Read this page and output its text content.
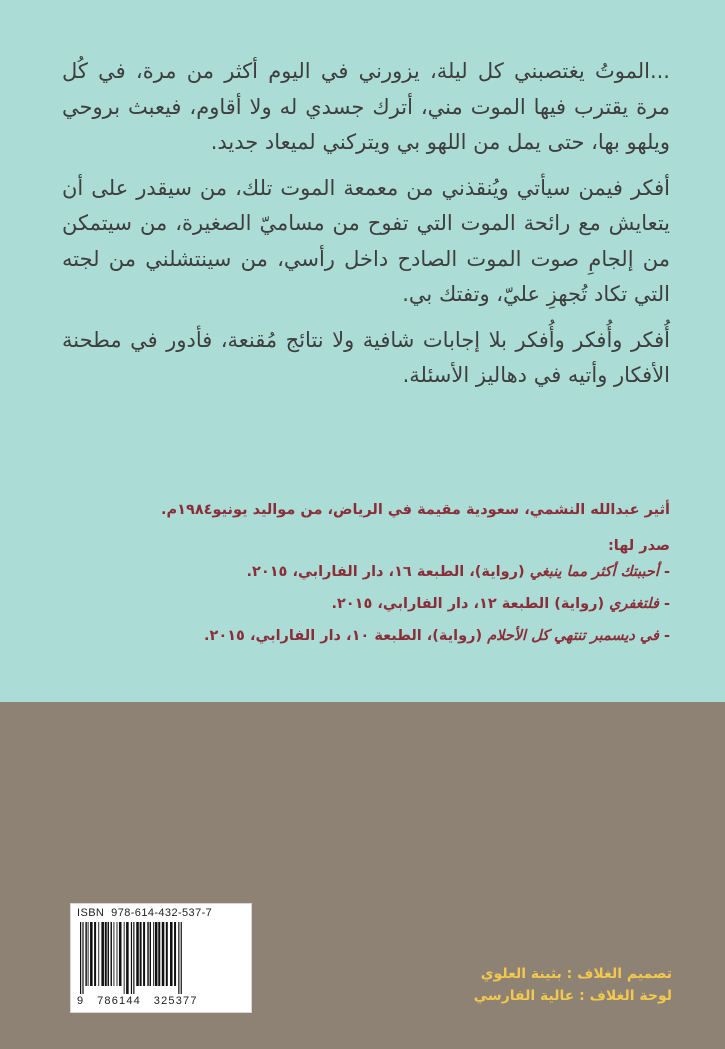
...الموتُ يغتصبني كل ليلة، يزورني في اليوم أكثر من مرة، في كُل مرة يقترب فيها الموت مني، أترك جسدي له ولا أقاوم، فيعبث بروحي ويلهو بها، حتى يمل من اللهو بي ويتركني لميعاد جديد.

أفكر فيمن سيأتي ويُنقذني من معمعة الموت تلك، من سيقدر على أن يتعايش مع رائحة الموت التي تفوح من مساميّ الصغيرة، من سيتمكن من إلجامِ صوت الموت الصادح داخل رأسي، من سينتشلني من لجته التي تكاد تُجهزِ عليّ، وتفتك بي.

أُفكر وأُفكر وأُفكر بلا إجابات شافية ولا نتائج مُقنعة، فأدور في مطحنة الأفكار وأتيه في دهاليز الأسئلة.

أثير عبدالله النشمي، سعودية مقيمة في الرياض، من مواليد يونيو١٩٨٤م.
صدر لها:
- أحببتك أكثر مما ينبغي (رواية)، الطبعة ١٦، دار الفارابي، ٢٠١٥.
- فلتغفري (رواية) الطبعة ١٢، دار الفارابي، ٢٠١٥.
- في ديسمبر تنتهي كل الأحلام (رواية)، الطبعة ١٠، دار الفارابي، ٢٠١٥.
ISBN  978-614-432-537-7
9   786144   325377
تصميم الغلاف : بثينة العلوي
لوحة الغلاف : عالية الفارسي
